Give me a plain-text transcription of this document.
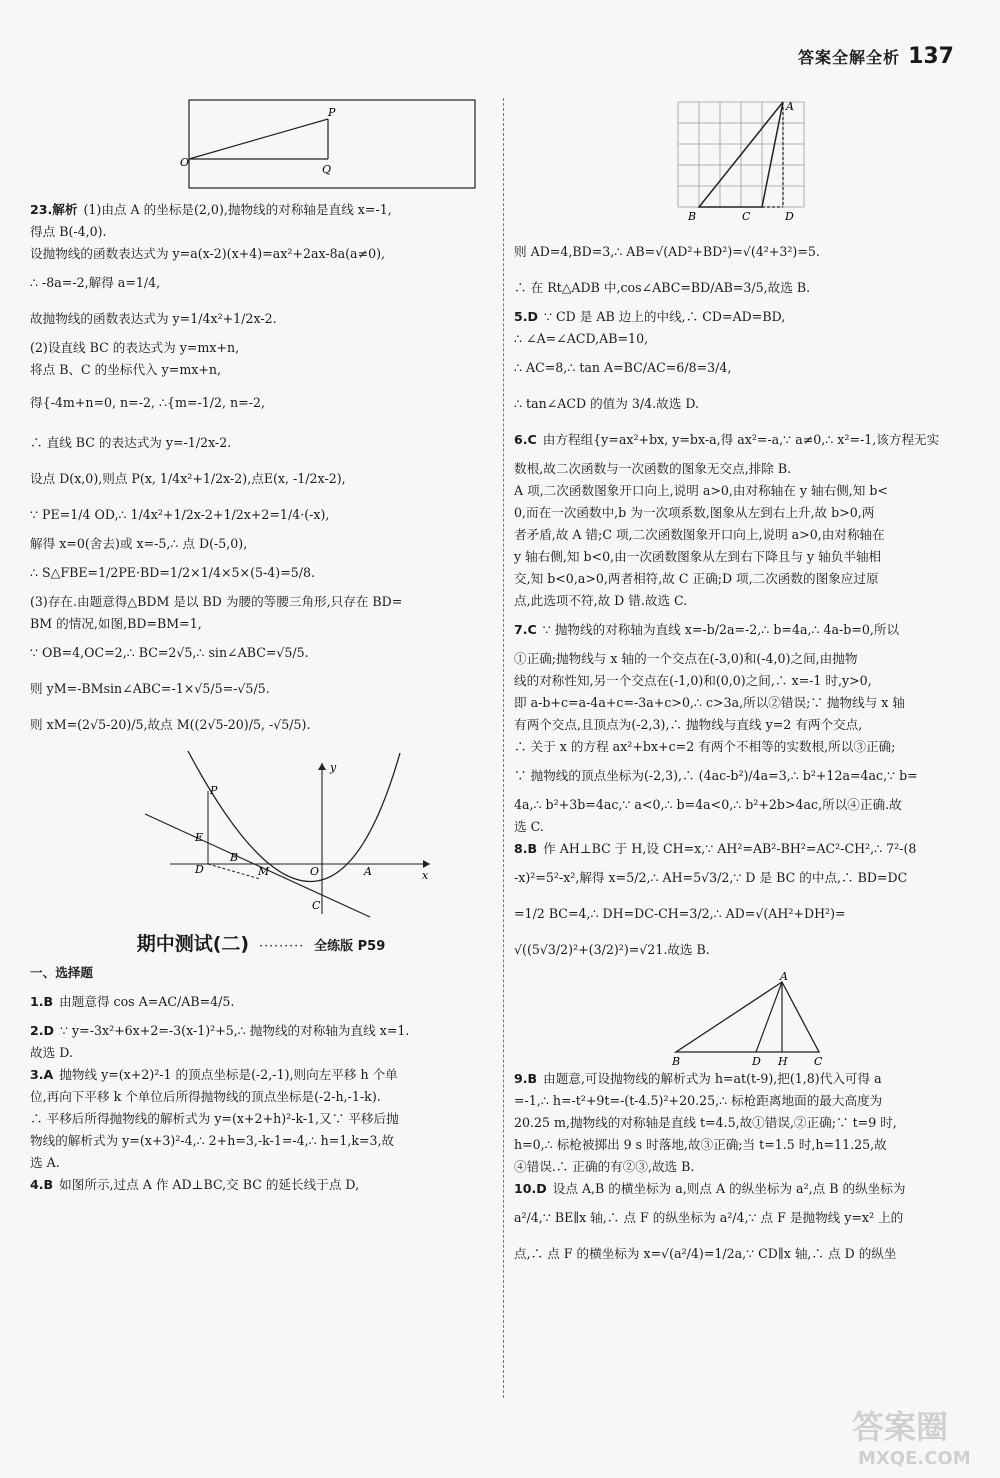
答案全解全析 137
O
P
Q
23.解析 (1)由点 A 的坐标是(2,0),抛物线的对称轴是直线 x=-1,
得点 B(-4,0).
设抛物线的函数表达式为 y=a(x-2)(x+4)=ax²+2ax-8a(a≠0),
∴ -8a=-2,解得 a=1/4,
故抛物线的函数表达式为 y=1/4x²+1/2x-2.
(2)设直线 BC 的表达式为 y=mx+n,
将点 B、C 的坐标代入 y=mx+n,
得{-4m+n=0, n=-2, ∴{m=-1/2, n=-2,
∴ 直线 BC 的表达式为 y=-1/2x-2.
设点 D(x,0),则点 P(x, 1/4x²+1/2x-2),点E(x, -1/2x-2),
∵ PE=1/4 OD,∴ 1/4x²+1/2x-2+1/2x+2=1/4·(-x),
解得 x=0(舍去)或 x=-5,∴ 点 D(-5,0),
∴ S△FBE=1/2PE·BD=1/2×1/4×5×(5-4)=5/8.
(3)存在.由题意得△BDM 是以 BD 为腰的等腰三角形,只存在 BD=
BM 的情况,如图,BD=BM=1,
∵ OB=4,OC=2,∴ BC=2√5,∴ sin∠ABC=√5/5.
则 yM=-BMsin∠ABC=-1×√5/5=-√5/5.
则 xM=(2√5-20)/5,故点 M((2√5-20)/5, -√5/5).
y
x
P
E
B
D	M	O	A
C
期中测试(二) ········· 全练版 P59
一、选择题
1.B 由题意得 cos A=AC/AB=4/5.
2.D ∵ y=-3x²+6x+2=-3(x-1)²+5,∴ 抛物线的对称轴为直线 x=1.
故选 D.
3.A 抛物线 y=(x+2)²-1 的顶点坐标是(-2,-1),则向左平移 h 个单
位,再向下平移 k 个单位后所得抛物线的顶点坐标是(-2-h,-1-k).
∴ 平移后所得抛物线的解析式为 y=(x+2+h)²-k-1,又∵ 平移后抛
物线的解析式为 y=(x+3)²-4,∴ 2+h=3,-k-1=-4,∴ h=1,k=3,故
选 A.
4.B 如图所示,过点 A 作 AD⊥BC,交 BC 的延长线于点 D,
A
B	C	D
则 AD=4,BD=3,∴ AB=√(AD²+BD²)=√(4²+3²)=5.
∴ 在 Rt△ADB 中,cos∠ABC=BD/AB=3/5,故选 B.
5.D ∵ CD 是 AB 边上的中线,∴ CD=AD=BD,
∴ ∠A=∠ACD,AB=10,
∴ AC=8,∴ tan A=BC/AC=6/8=3/4,
∴ tan∠ACD 的值为 3/4.故选 D.
6.C 由方程组{y=ax²+bx, y=bx-a,得 ax²=-a,∵ a≠0,∴ x²=-1,该方程无实
数根,故二次函数与一次函数的图象无交点,排除 B.
A 项,二次函数图象开口向上,说明 a>0,由对称轴在 y 轴右侧,知 b<
0,而在一次函数中,b 为一次项系数,图象从左到右上升,故 b>0,两
者矛盾,故 A 错;C 项,二次函数图象开口向上,说明 a>0,由对称轴在
y 轴右侧,知 b<0,由一次函数图象从左到右下降且与 y 轴负半轴相
交,知 b<0,a>0,两者相符,故 C 正确;D 项,二次函数的图象应过原
点,此选项不符,故 D 错.故选 C.
7.C ∵ 抛物线的对称轴为直线 x=-b/2a=-2,∴ b=4a,∴ 4a-b=0,所以
①正确;抛物线与 x 轴的一个交点在(-3,0)和(-4,0)之间,由抛物
线的对称性知,另一个交点在(-1,0)和(0,0)之间,∴ x=-1 时,y>0,
即 a-b+c=a-4a+c=-3a+c>0,∴ c>3a,所以②错误;∵ 抛物线与 x 轴
有两个交点,且顶点为(-2,3),∴ 抛物线与直线 y=2 有两个交点,
∴ 关于 x 的方程 ax²+bx+c=2 有两个不相等的实数根,所以③正确;
∵ 抛物线的顶点坐标为(-2,3),∴ (4ac-b²)/4a=3,∴ b²+12a=4ac,∵ b=
4a,∴ b²+3b=4ac,∵ a<0,∴ b=4a<0,∴ b²+2b>4ac,所以④正确.故
选 C.
8.B 作 AH⊥BC 于 H,设 CH=x,∵ AH²=AB²-BH²=AC²-CH²,∴ 7²-(8
-x)²=5²-x²,解得 x=5/2,∴ AH=5√3/2,∵ D 是 BC 的中点,∴ BD=DC
=1/2 BC=4,∴ DH=DC-CH=3/2,∴ AD=√(AH²+DH²)=
√((5√3/2)²+(3/2)²)=√21.故选 B.
A
B	D H C
9.B 由题意,可设抛物线的解析式为 h=at(t-9),把(1,8)代入可得 a
=-1,∴ h=-t²+9t=-(t-4.5)²+20.25,∴ 标枪距离地面的最大高度为
20.25 m,抛物线的对称轴是直线 t=4.5,故①错误,②正确;∵ t=9 时,
h=0,∴ 标枪被掷出 9 s 时落地,故③正确;当 t=1.5 时,h=11.25,故
④错误.∴ 正确的有②③,故选 B.
10.D 设点 A,B 的横坐标为 a,则点 A 的纵坐标为 a²,点 B 的纵坐标为
a²/4,∵ BE∥x 轴,∴ 点 F 的纵坐标为 a²/4,∵ 点 F 是抛物线 y=x² 上的
点,∴ 点 F 的横坐标为 x=√(a²/4)=1/2a,∵ CD∥x 轴,∴ 点 D 的纵坐
答案圈
MXQE.COM
